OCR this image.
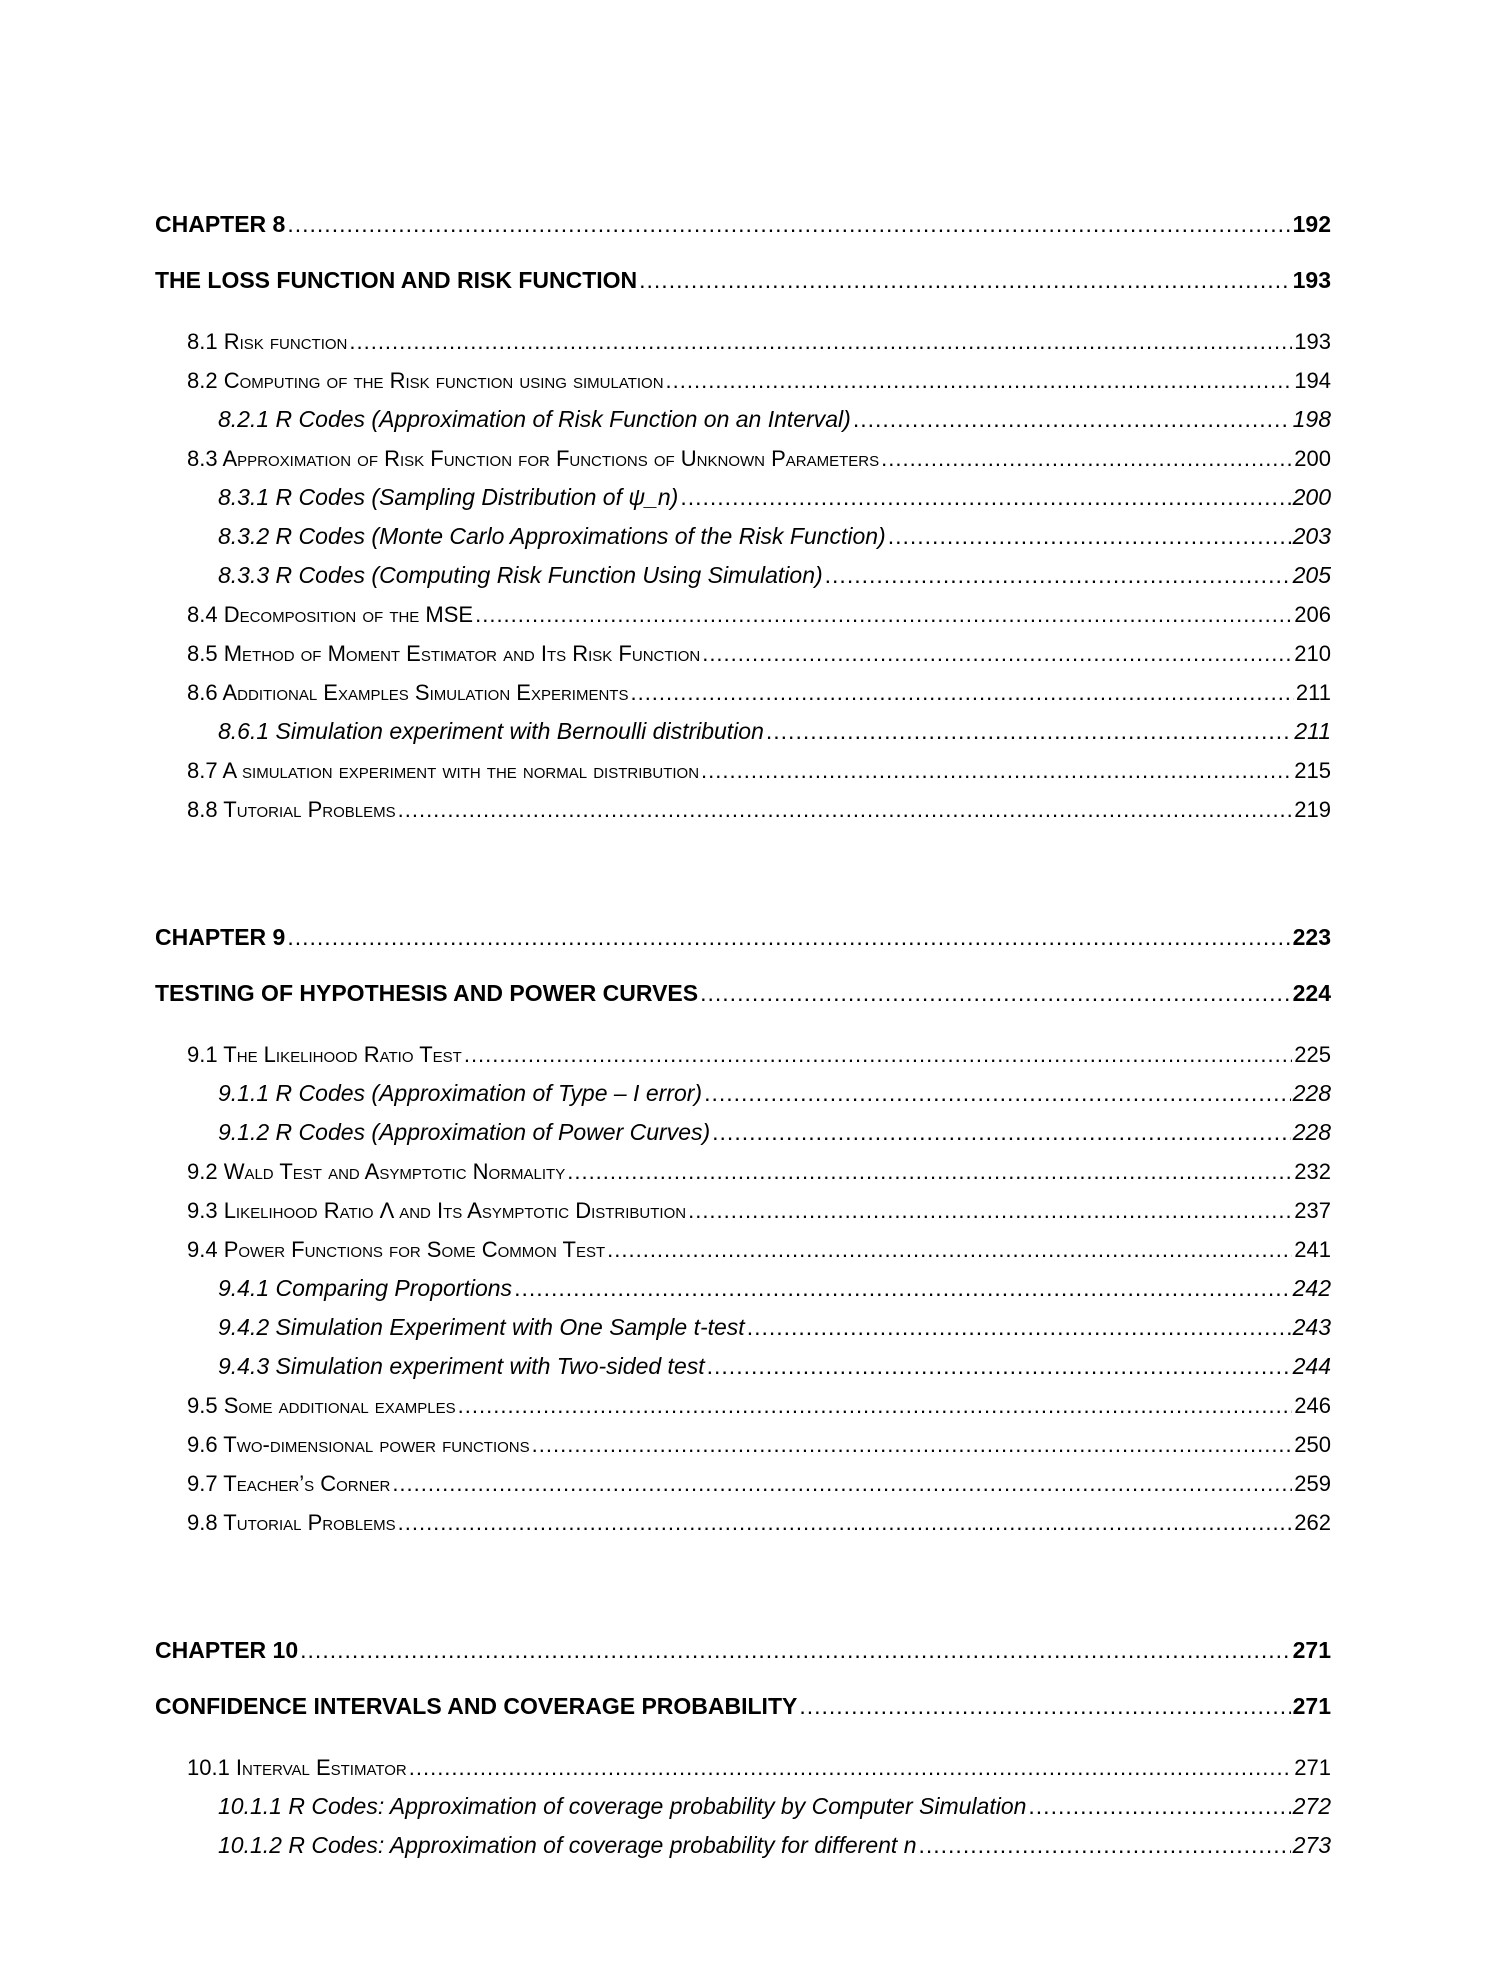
CHAPTER 8 .....	192
THE LOSS FUNCTION AND RISK FUNCTION .....	193
8.1 Risk function .....	193
8.2 Computing of the Risk function using simulation .....	194
8.2.1 R Codes (Approximation of Risk Function on an Interval) .....	198
8.3 Approximation of Risk Function for Functions of Unknown Parameters .....	200
8.3.1 R Codes (Sampling Distribution of ψ_n) .....	200
8.3.2 R Codes (Monte Carlo Approximations of the Risk Function) .....	203
8.3.3 R Codes (Computing Risk Function Using Simulation) .....	205
8.4 Decomposition of the MSE .....	206
8.5 Method of Moment Estimator and Its Risk Function .....	210
8.6 Additional Examples Simulation Experiments .....	211
8.6.1 Simulation experiment with Bernoulli distribution .....	211
8.7 A simulation experiment with the normal distribution .....	215
8.8 Tutorial Problems .....	219
CHAPTER 9 .....	223
TESTING OF HYPOTHESIS AND POWER CURVES .....	224
9.1 The Likelihood Ratio Test .....	225
9.1.1 R Codes (Approximation of Type – I error) .....	228
9.1.2 R Codes (Approximation of Power Curves) .....	228
9.2 Wald Test and Asymptotic Normality .....	232
9.3 Likelihood Ratio Λ and Its Asymptotic Distribution .....	237
9.4 Power Functions for Some Common Test .....	241
9.4.1 Comparing Proportions .....	242
9.4.2 Simulation Experiment with One Sample t-test .....	243
9.4.3 Simulation experiment with Two-sided test .....	244
9.5 Some additional examples .....	246
9.6 Two-dimensional power functions .....	250
9.7 Teacher’s Corner .....	259
9.8 Tutorial Problems .....	262
CHAPTER 10 .....	271
CONFIDENCE INTERVALS AND COVERAGE PROBABILITY .....	271
10.1 Interval Estimator .....	271
10.1.1 R Codes: Approximation of coverage probability by Computer Simulation .....	272
10.1.2 R Codes: Approximation of coverage probability for different n .....	273
